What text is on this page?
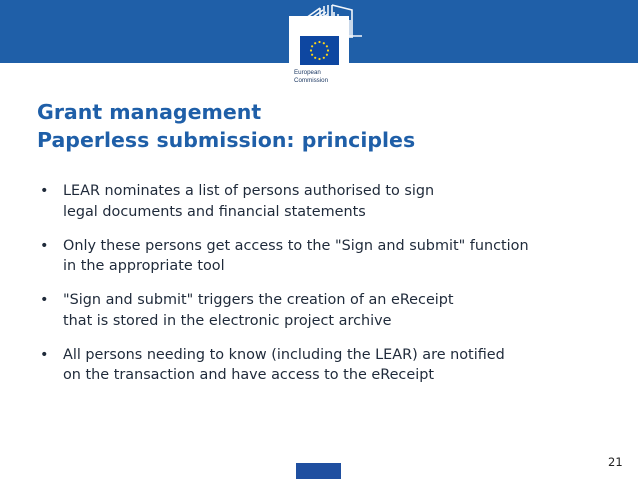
European
Commission
Grant management
Paperless submission: principles
• LEAR nominates a list of persons authorised to sign
legal documents and financial statements
• Only these persons get access to the "Sign and submit" function
in the appropriate tool
• "Sign and submit" triggers the creation of an eReceipt
that is stored in the electronic project archive
• All persons needing to know (including the LEAR) are notified
on the transaction and have access to the eReceipt
21
